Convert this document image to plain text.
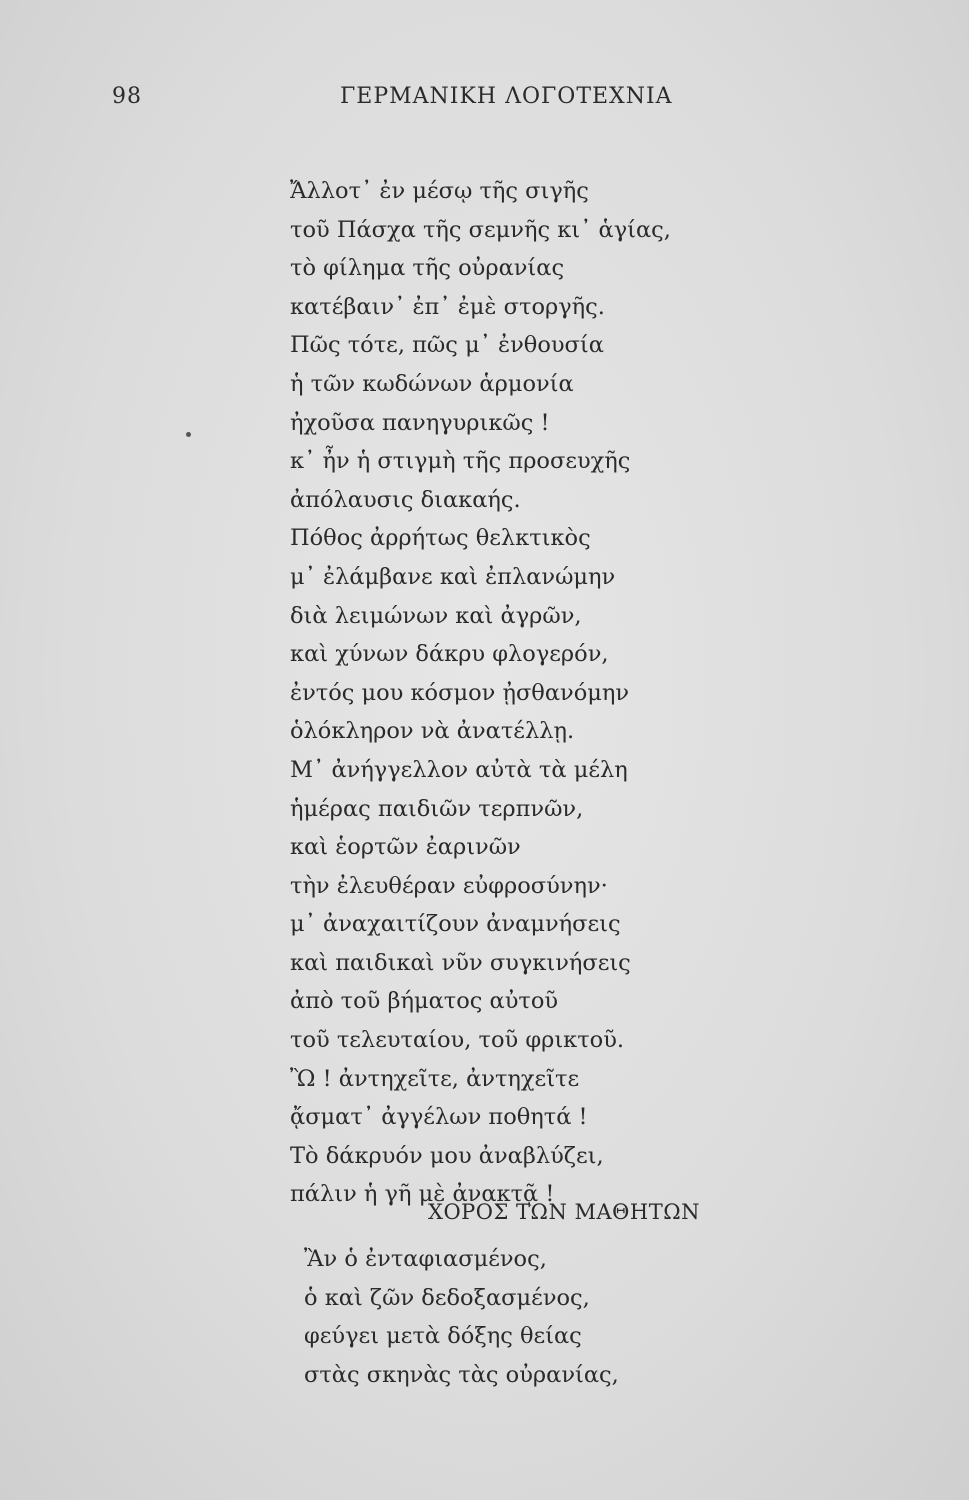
98	ΓΕΡΜΑΝΙΚΗ ΛΟΓΟΤΕΧΝΙΑ
Ἄλλοτ᾽ ἐν μέσῳ τῆς σιγῆς
τοῦ Πάσχα τῆς σεμνῆς κι᾽ ἁγίας,
τὸ φίλημα τῆς οὐρανίας
κατέβαιν᾽ ἐπ᾽ ἐμὲ στοργῆς.
Πῶς τότε, πῶς μ᾽ ἐνθουσία
ἡ τῶν κωδώνων ἁρμονία
ἠχοῦσα πανηγυρικῶς !
κ᾽ ἦν ἡ στιγμὴ τῆς προσευχῆς
ἀπόλαυσις διακαής.
Πόθος ἀρρήτως θελκτικὸς
μ᾽ ἐλάμβανε καὶ ἐπλανώμην
διὰ λειμώνων καὶ ἀγρῶν,
καὶ χύνων δάκρυ φλογερόν,
ἐντός μου κόσμον ᾐσθανόμην
ὁλόκληρον νὰ ἀνατέλλῃ.
Μ᾽ ἀνήγγελλον αὐτὰ τὰ μέλη
ἡμέρας παιδιῶν τερπνῶν,
καὶ ἑορτῶν ἐαρινῶν
τὴν ἐλευθέραν εὐφροσύνην·
μ᾽ ἀναχαιτίζουν ἀναμνήσεις
καὶ παιδικαὶ νῦν συγκινήσεις
ἀπὸ τοῦ βήματος αὐτοῦ
τοῦ τελευταίου, τοῦ φρικτοῦ.
Ὢ ! ἀντηχεῖτε, ἀντηχεῖτε
ᾄσματ᾽ ἀγγέλων ποθητά !
Τὸ δάκρυόν μου ἀναβλύζει,
πάλιν ἡ γῆ μὲ ἀνακτᾷ !
ΧΟΡΟΣ ΤΩΝ ΜΑΘΗΤΩΝ
Ἂν ὁ ἐνταφιασμένος,
ὁ καὶ ζῶν δεδοξασμένος,
φεύγει μετὰ δόξης θείας
στὰς σκηνὰς τὰς οὐρανίας,
